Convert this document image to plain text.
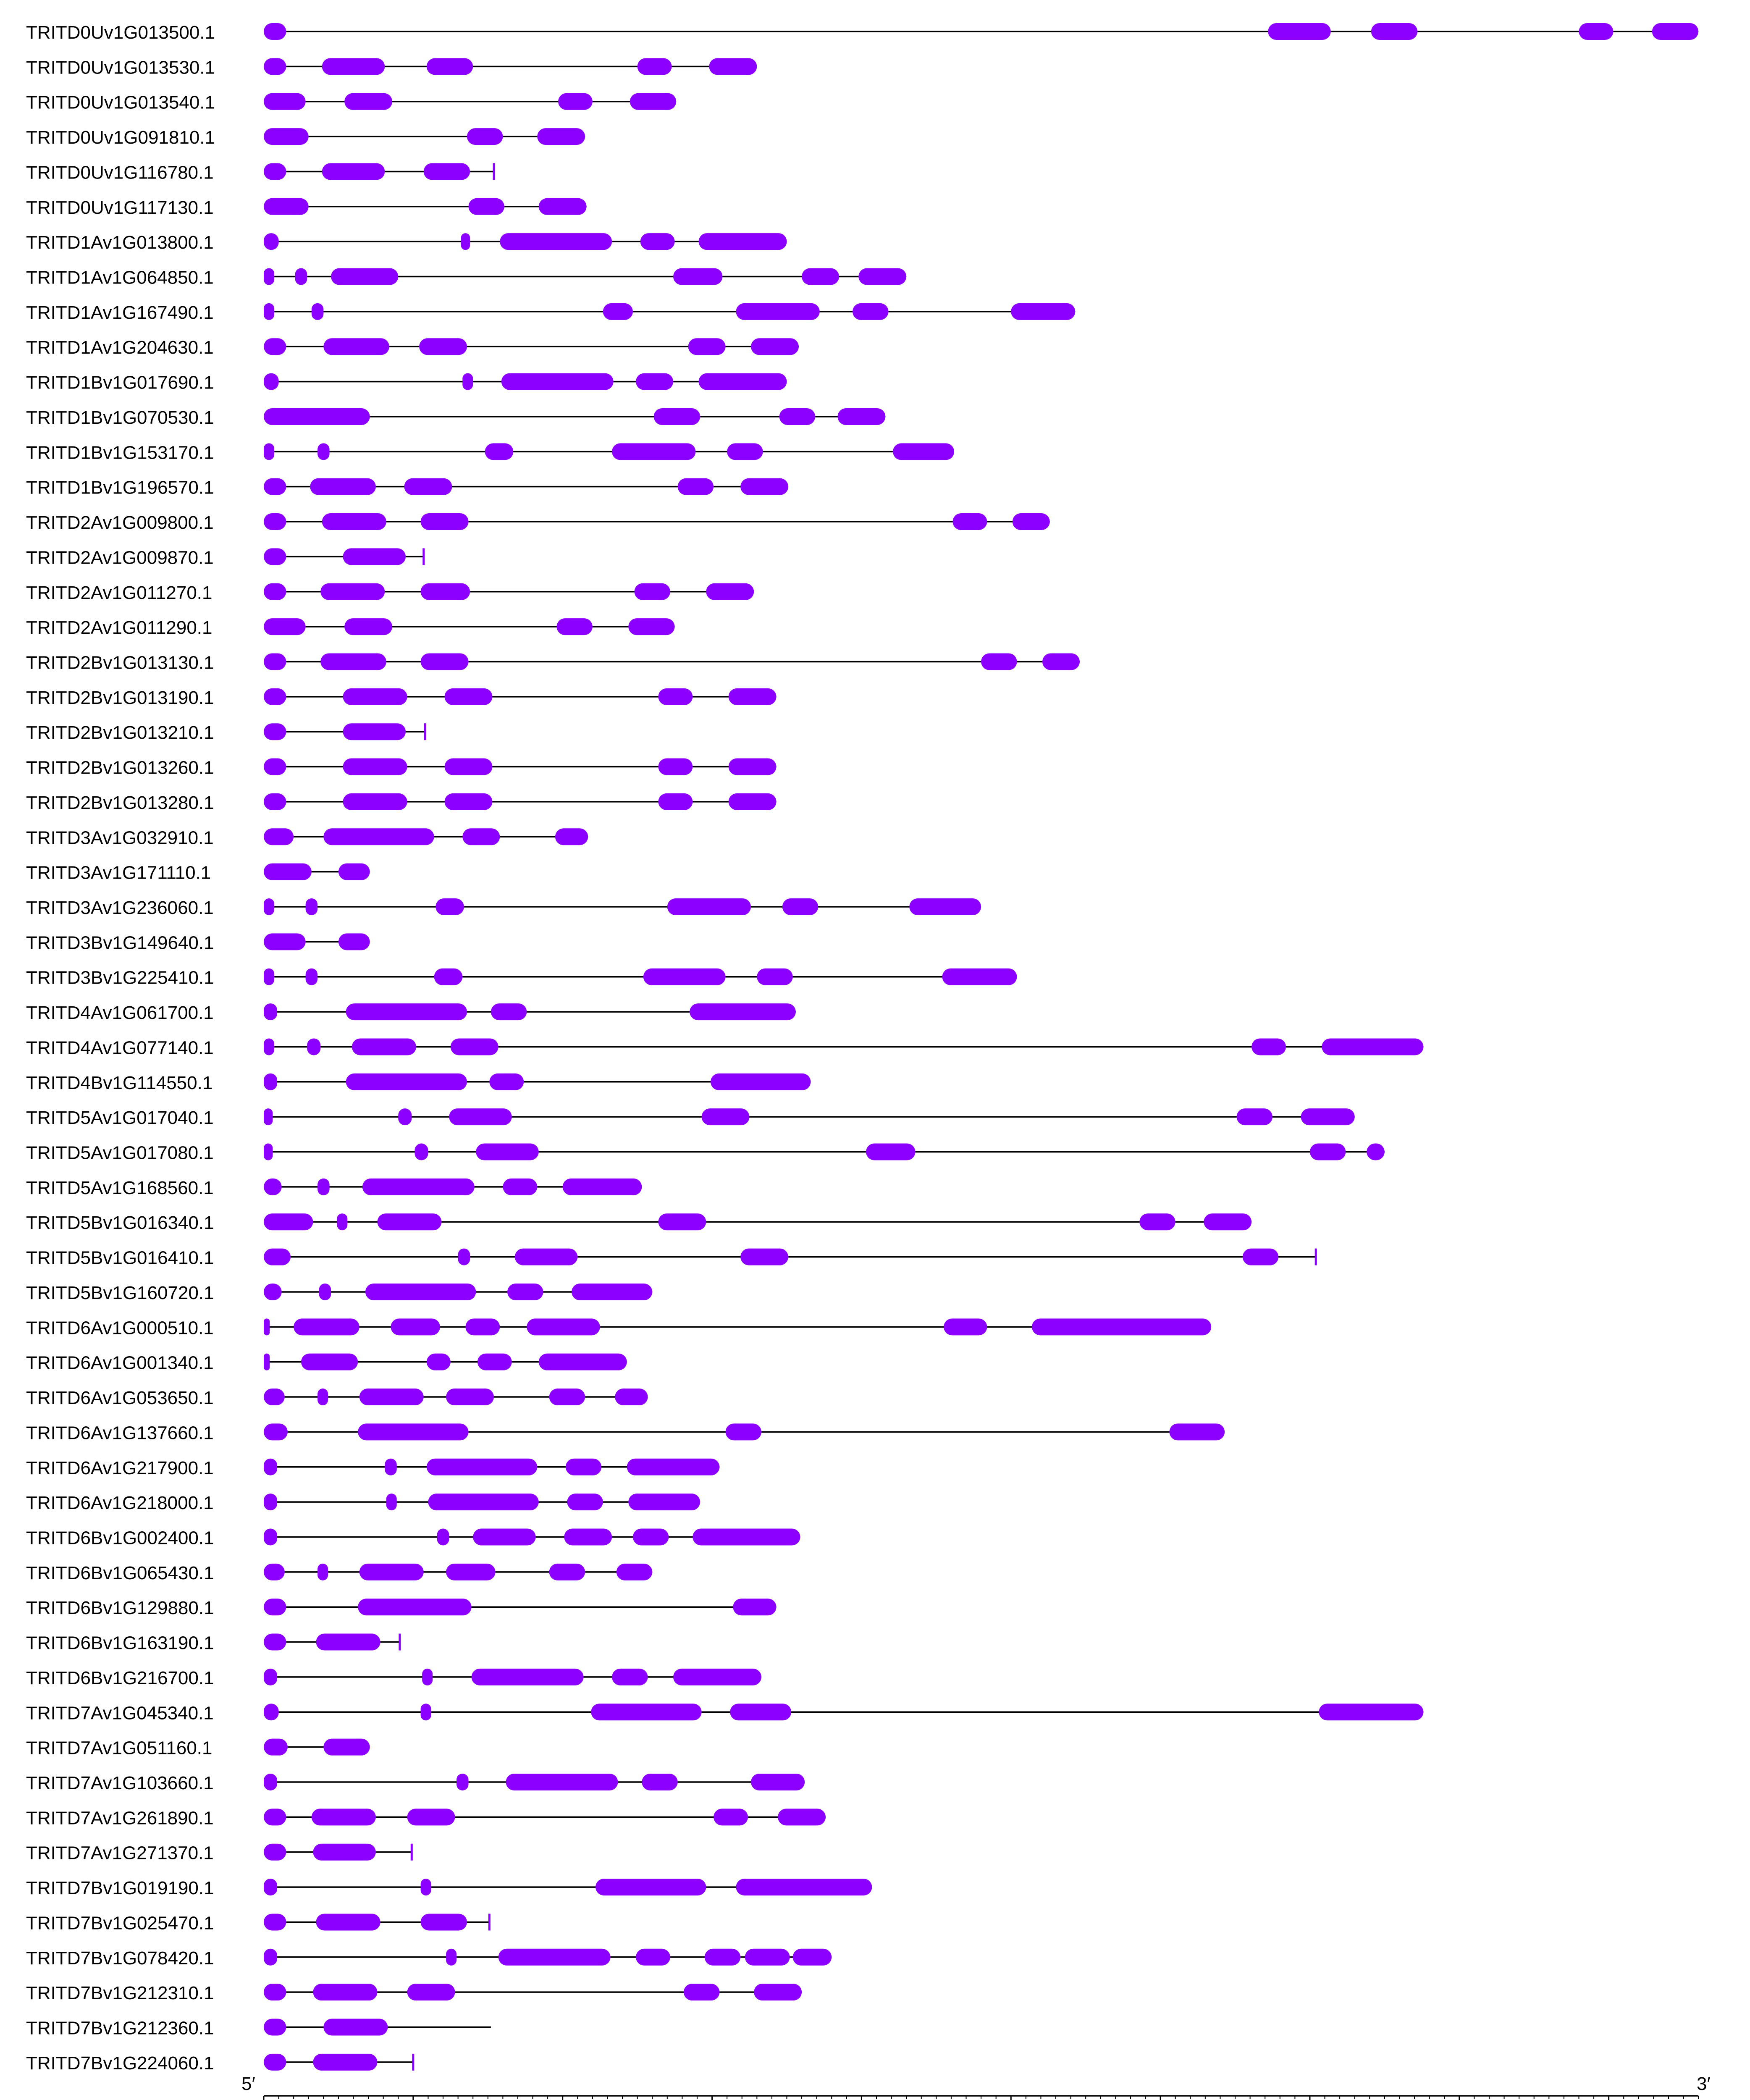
TRITD0Uv1G013500.1
TRITD0Uv1G013530.1
TRITD0Uv1G013540.1
TRITD0Uv1G091810.1
TRITD0Uv1G116780.1
TRITD0Uv1G117130.1
TRITD1Av1G013800.1
TRITD1Av1G064850.1
TRITD1Av1G167490.1
TRITD1Av1G204630.1
TRITD1Bv1G017690.1
TRITD1Bv1G070530.1
TRITD1Bv1G153170.1
TRITD1Bv1G196570.1
TRITD2Av1G009800.1
TRITD2Av1G009870.1
TRITD2Av1G011270.1
TRITD2Av1G011290.1
TRITD2Bv1G013130.1
TRITD2Bv1G013190.1
TRITD2Bv1G013210.1
TRITD2Bv1G013260.1
TRITD2Bv1G013280.1
TRITD3Av1G032910.1
TRITD3Av1G171110.1
TRITD3Av1G236060.1
TRITD3Bv1G149640.1
TRITD3Bv1G225410.1
TRITD4Av1G061700.1
TRITD4Av1G077140.1
TRITD4Bv1G114550.1
TRITD5Av1G017040.1
TRITD5Av1G017080.1
TRITD5Av1G168560.1
TRITD5Bv1G016340.1
TRITD5Bv1G016410.1
TRITD5Bv1G160720.1
TRITD6Av1G000510.1
TRITD6Av1G001340.1
TRITD6Av1G053650.1
TRITD6Av1G137660.1
TRITD6Av1G217900.1
TRITD6Av1G218000.1
TRITD6Bv1G002400.1
TRITD6Bv1G065430.1
TRITD6Bv1G129880.1
TRITD6Bv1G163190.1
TRITD6Bv1G216700.1
TRITD7Av1G045340.1
TRITD7Av1G051160.1
TRITD7Av1G103660.1
TRITD7Av1G261890.1
TRITD7Av1G271370.1
TRITD7Bv1G019190.1
TRITD7Bv1G025470.1
TRITD7Bv1G078420.1
TRITD7Bv1G212310.1
TRITD7Bv1G212360.1
TRITD7Bv1G224060.1
5′	3′
